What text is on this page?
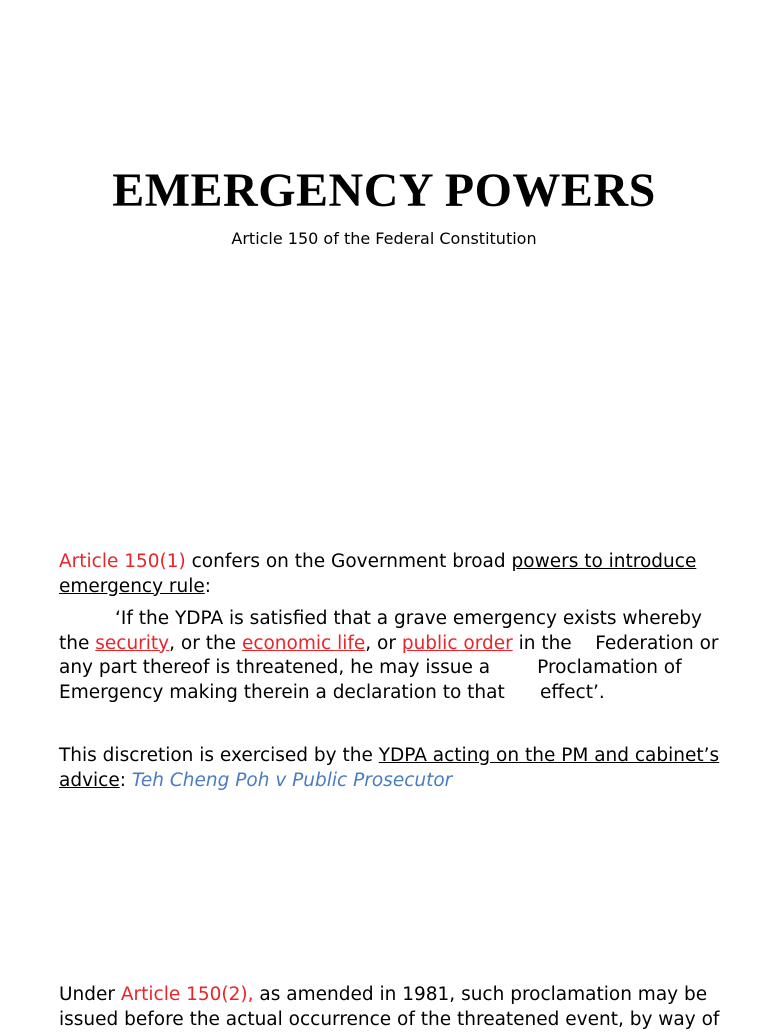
EMERGENCY POWERS
Article 150 of the Federal Constitution
Article 150(1) confers on the Government broad powers to introduce
emergency rule:
‘If the YDPA is satisfied that a grave emergency exists whereby
the security, or the economic life, or public order in the    Federation or
any part thereof is threatened, he may issue a        Proclamation of
Emergency making therein a declaration to that      effect’.
This discretion is exercised by the YDPA acting on the PM and cabinet’s
advice: Teh Cheng Poh v Public Prosecutor
Under Article 150(2), as amended in 1981, such proclamation may be
issued before the actual occurrence of the threatened event, by way of
